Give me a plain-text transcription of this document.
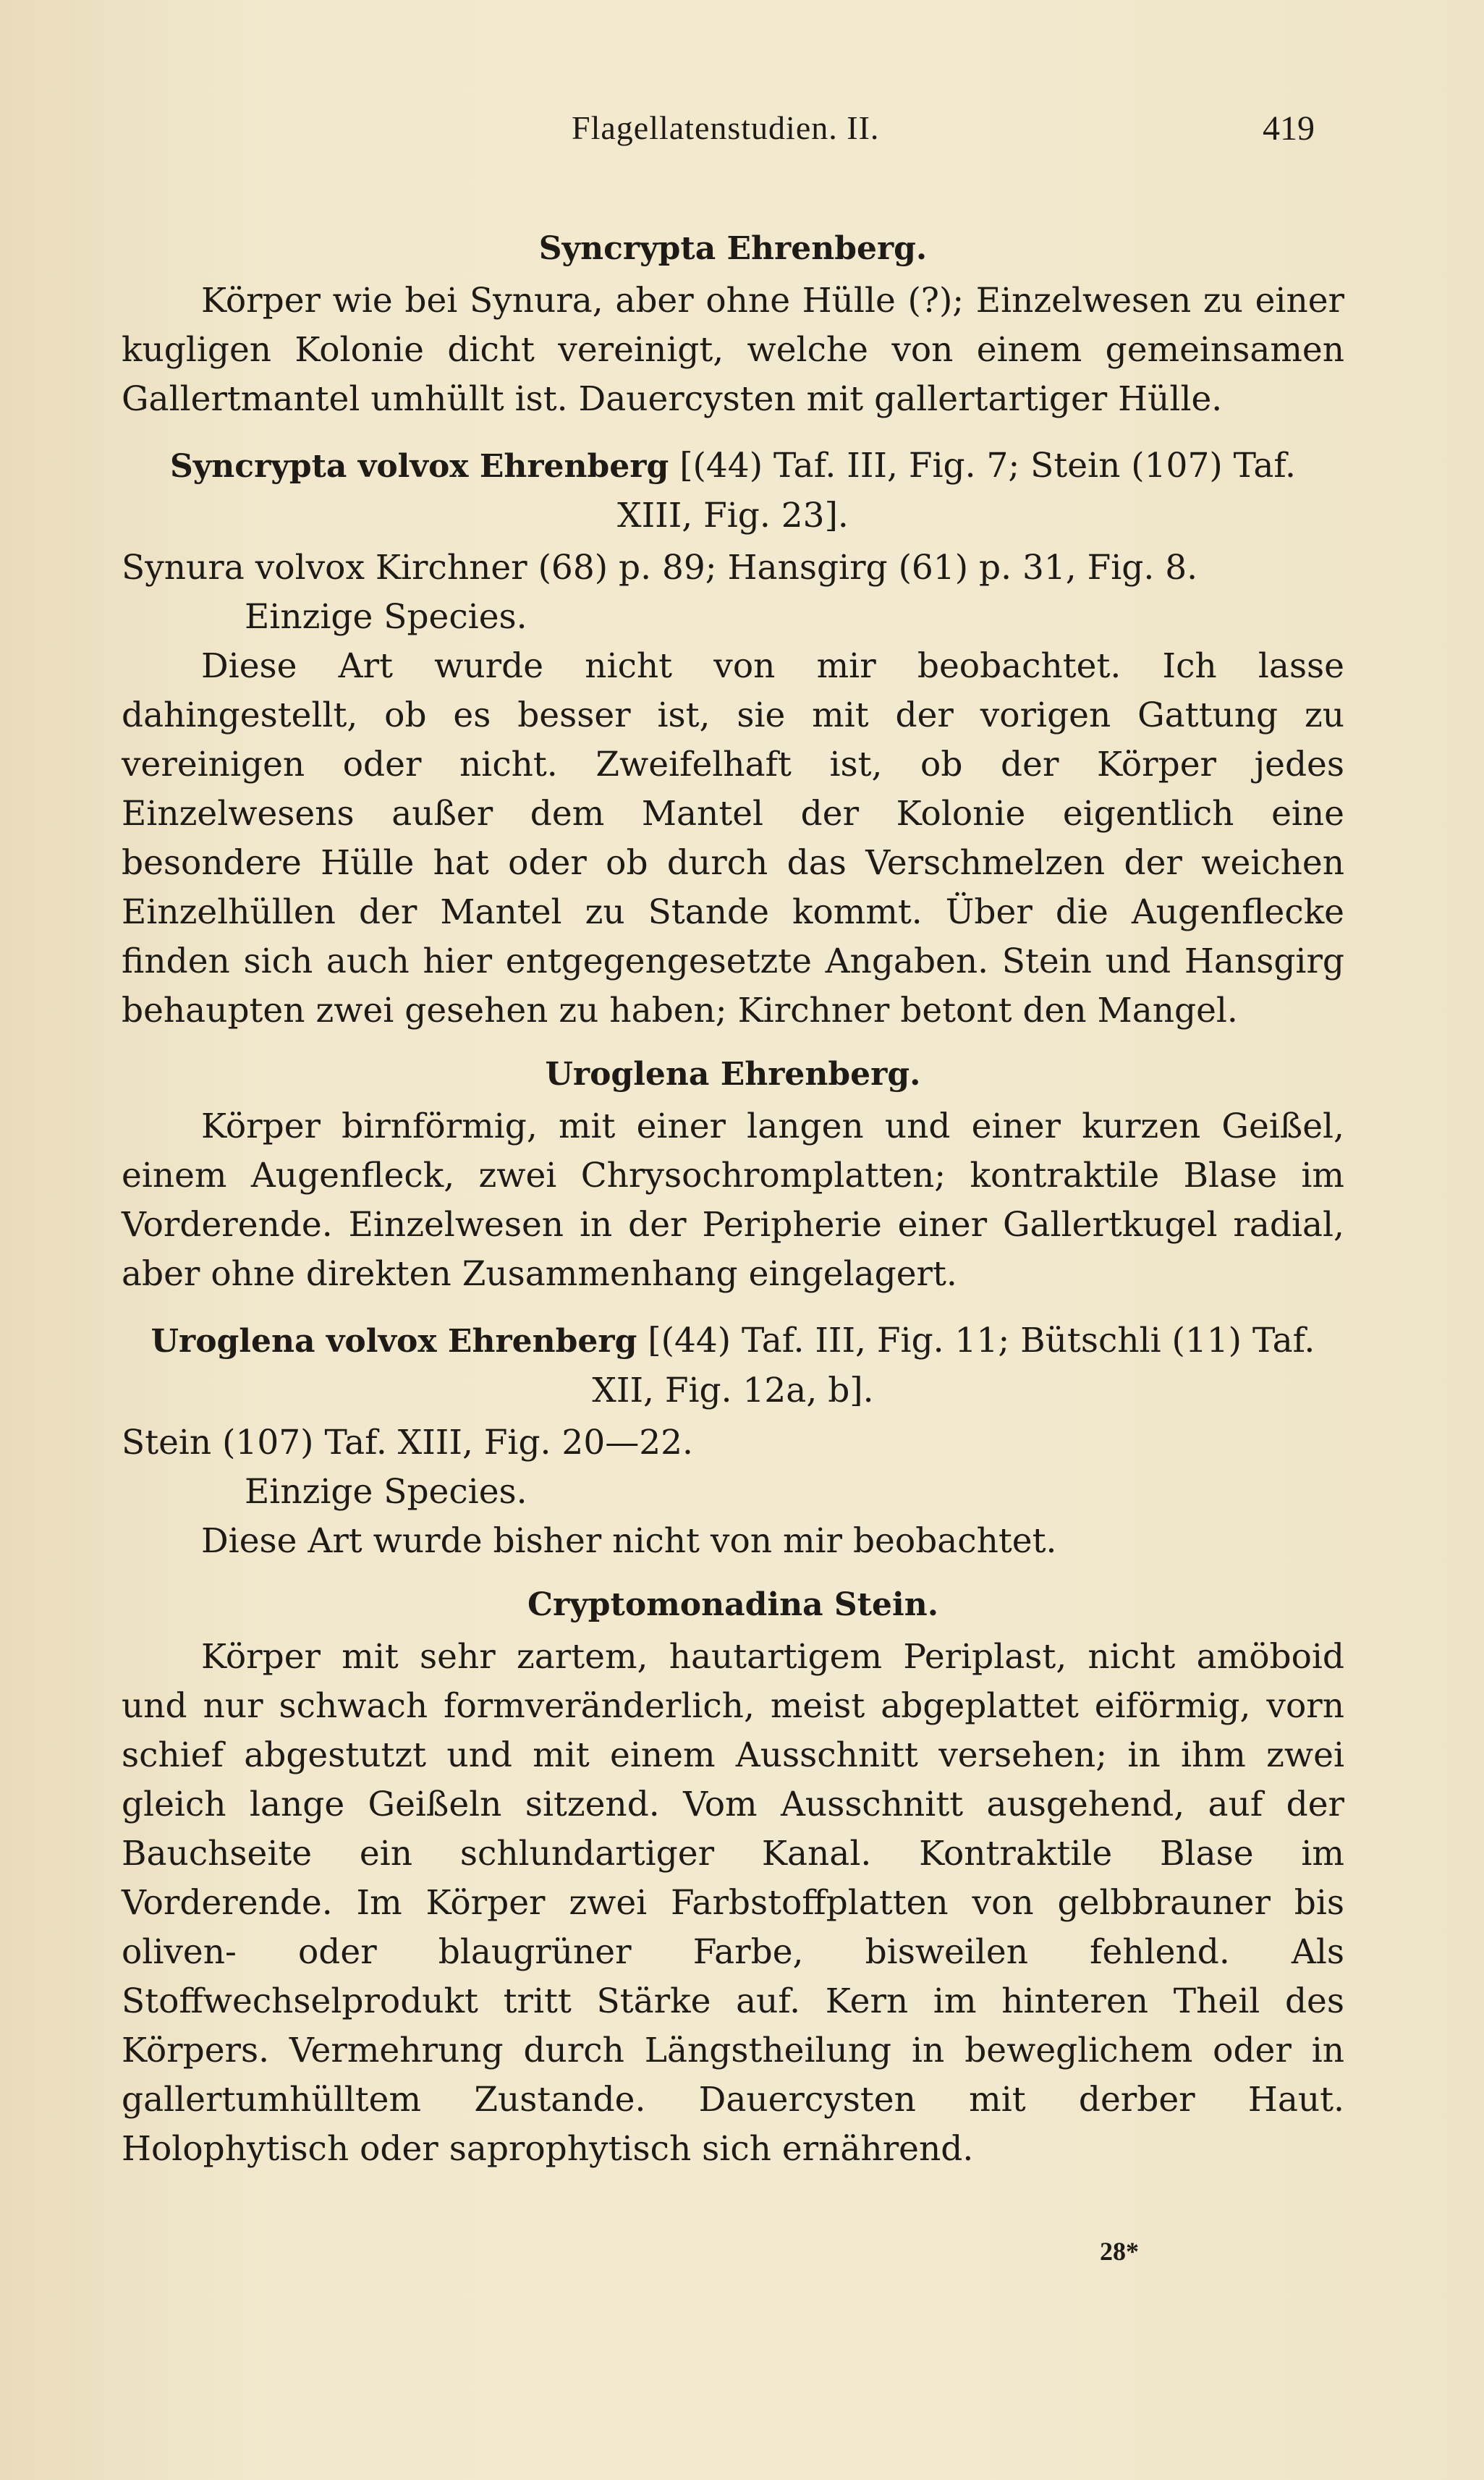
Flagellatenstudien. II.	419
Syncrypta Ehrenberg.

Körper wie bei Synura, aber ohne Hülle (?); Einzelwesen zu einer kugligen Kolonie dicht vereinigt, welche von einem gemeinsamen Gallertmantel umhüllt ist. Dauercysten mit gallertartiger Hülle.

Syncrypta volvox Ehrenberg [(44) Taf. III, Fig. 7; Stein (107) Taf. XIII, Fig. 23].

Synura volvox Kirchner (68) p. 89; Hansgirg (61) p. 31, Fig. 8.

Einzige Species.

Diese Art wurde nicht von mir beobachtet. Ich lasse dahingestellt, ob es besser ist, sie mit der vorigen Gattung zu vereinigen oder nicht. Zweifelhaft ist, ob der Körper jedes Einzelwesens außer dem Mantel der Kolonie eigentlich eine besondere Hülle hat oder ob durch das Verschmelzen der weichen Einzelhüllen der Mantel zu Stande kommt. Über die Augenflecke finden sich auch hier entgegengesetzte Angaben. Stein und Hansgirg behaupten zwei gesehen zu haben; Kirchner betont den Mangel.

Uroglena Ehrenberg.

Körper birnförmig, mit einer langen und einer kurzen Geißel, einem Augenfleck, zwei Chrysochromplatten; kontraktile Blase im Vorderende. Einzelwesen in der Peripherie einer Gallertkugel radial, aber ohne direkten Zusammenhang eingelagert.

Uroglena volvox Ehrenberg [(44) Taf. III, Fig. 11; Bütschli (11) Taf. XII, Fig. 12a, b].

Stein (107) Taf. XIII, Fig. 20—22.

Einzige Species.

Diese Art wurde bisher nicht von mir beobachtet.

Cryptomonadina Stein.

Körper mit sehr zartem, hautartigem Periplast, nicht amöboid und nur schwach formveränderlich, meist abgeplattet eiförmig, vorn schief abgestutzt und mit einem Ausschnitt versehen; in ihm zwei gleich lange Geißeln sitzend. Vom Ausschnitt ausgehend, auf der Bauchseite ein schlundartiger Kanal. Kontraktile Blase im Vorderende. Im Körper zwei Farbstoffplatten von gelbbrauner bis oliven- oder blaugrüner Farbe, bisweilen fehlend. Als Stoffwechselprodukt tritt Stärke auf. Kern im hinteren Theil des Körpers. Vermehrung durch Längstheilung in beweglichem oder in gallertumhülltem Zustande. Dauercysten mit derber Haut. Holophytisch oder saprophytisch sich ernährend.

28*
